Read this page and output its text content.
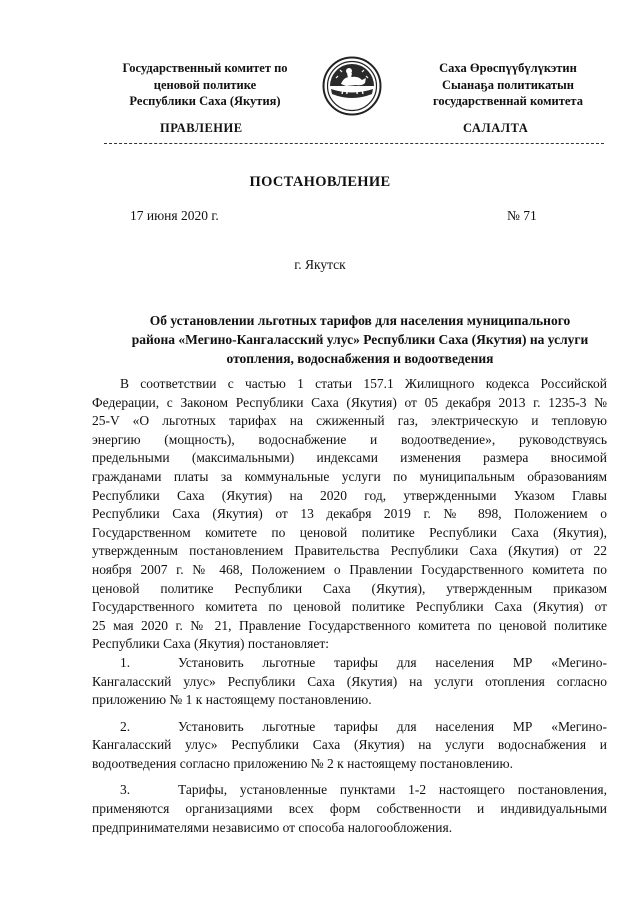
Государственный комитет по
ценовой политике
Республики Саха (Якутия)
Саха Өрөспүүбүлүкэтин
Сыанаҕа политикатын
государственнай комитета
ПРАВЛЕНИЕ	САЛАЛТА
ПОСТАНОВЛЕНИЕ
17 июня 2020 г.	№ 71
г. Якутск
Об установлении льготных тарифов для населения муниципального
района «Мегино-Кангаласский улус» Республики Саха (Якутия) на услуги
отопления, водоснабжения и водоотведения
В соответствии с частью 1 статьи 157.1 Жилищного кодекса Российской
Федерации, с Законом Республики Саха (Якутия) от 05 декабря 2013 г. 1235-3 №
25-V «О льготных тарифах на сжиженный газ, электрическую и тепловую
энергию (мощность), водоснабжение и водоотведение», руководствуясь
предельными (максимальными) индексами изменения размера вносимой
гражданами платы за коммунальные услуги по муниципальным образованиям
Республики Саха (Якутия) на 2020 год, утвержденными Указом Главы
Республики Саха (Якутия) от 13 декабря 2019 г. № 898, Положением о
Государственном комитете по ценовой политике Республики Саха (Якутия),
утвержденным постановлением Правительства Республики Саха (Якутия) от 22
ноября 2007 г. № 468, Положением о Правлении Государственного комитета по
ценовой политике Республики Саха (Якутия), утвержденным приказом
Государственного комитета по ценовой политике Республики Саха (Якутия) от
25 мая 2020 г. № 21, Правление Государственного комитета по ценовой политике
Республики Саха (Якутия) постановляет:
1.	Установить льготные тарифы для населения МР «Мегино-
Кангаласский улус» Республики Саха (Якутия) на услуги отопления согласно
приложению № 1 к настоящему постановлению.
2.	Установить льготные тарифы для населения МР «Мегино-
Кангаласский улус» Республики Саха (Якутия) на услуги водоснабжения и
водоотведения согласно приложению № 2 к настоящему постановлению.
3.	Тарифы, установленные пунктами 1-2 настоящего постановления,
применяются организациями всех форм собственности и индивидуальными
предпринимателями независимо от способа налогообложения.
